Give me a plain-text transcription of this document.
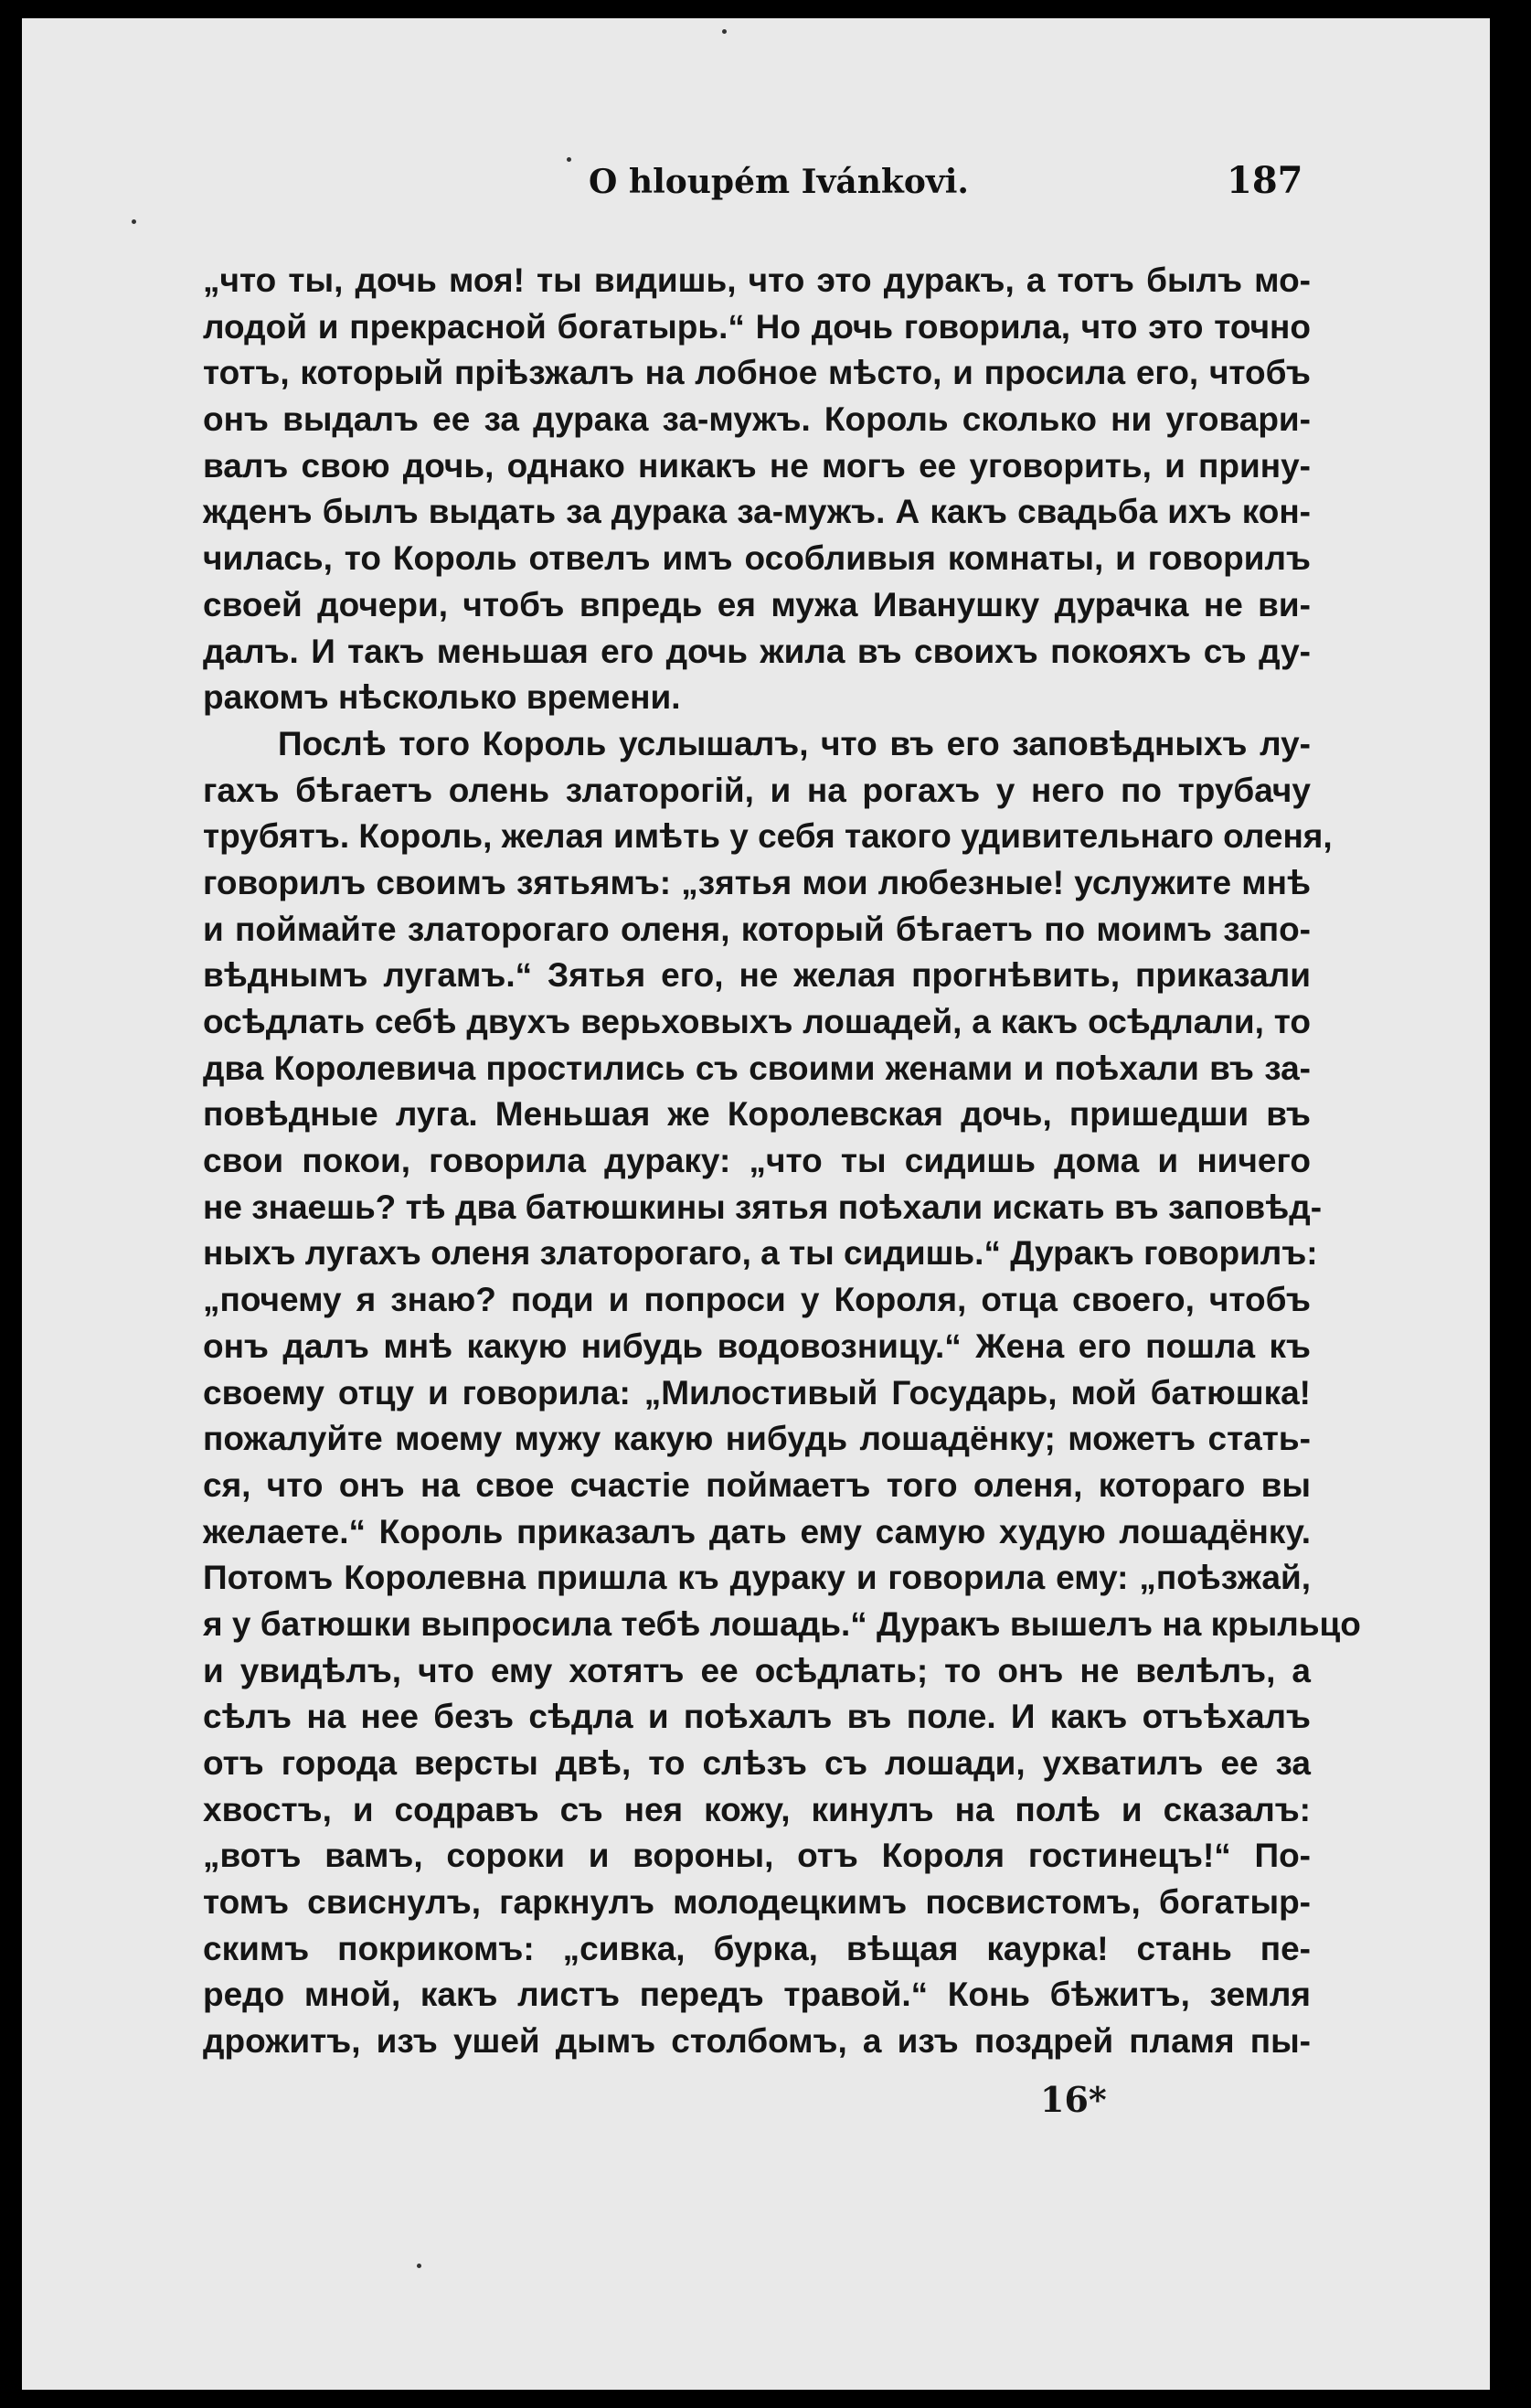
O hloupém Ivánkovi.	187
„что ты, дочь моя! ты видишь, что это дуракъ, а тотъ былъ мо-
лодой и прекрасной богатырь.“ Но дочь говорила, что это точно
тотъ, который прiѣзжалъ на лобное мѣсто, и просила его, чтобъ
онъ выдалъ ее за дурака за-мужъ. Король сколько ни уговари-
валъ свою дочь, однако никакъ не могъ ее уговорить, и прину-
жденъ былъ выдать за дурака за-мужъ. А какъ свадьба ихъ кон-
чилась, то Король отвелъ имъ особливыя комнаты, и говорилъ
своей дочери, чтобъ впредь ея мужа Иванушку дурачка не ви-
далъ. И такъ меньшая его дочь жила въ своихъ покояхъ съ ду-
ракомъ нѣсколько времени.
Послѣ того Король услышалъ, что въ его заповѣдныхъ лу-
гахъ бѣгаетъ олень златорогiй, и на рогахъ у него по трубачу
трубятъ. Король, желая имѣть у себя такого удивительнаго оленя,
говорилъ своимъ зятьямъ: „зятья мои любезные! услужите мнѣ
и поймайте златорогаго оленя, который бѣгаетъ по моимъ запо-
вѣднымъ лугамъ.“ Зятья его, не желая прогнѣвить, приказали
осѣдлать себѣ двухъ верьховыхъ лошадей, а какъ осѣдлали, то
два Королевича простились съ своими женами и поѣхали въ за-
повѣдные луга. Меньшая же Королевская дочь, пришедши въ
свои покои, говорила дураку: „что ты сидишь дома и ничего
не знаешь? тѣ два батюшкины зятья поѣхали искать въ заповѣд-
ныхъ лугахъ оленя златорогаго, а ты сидишь.“ Дуракъ говорилъ:
„почему я знаю? поди и попроси у Короля, отца своего, чтобъ
онъ далъ мнѣ какую нибудь водовозницу.“ Жена его пошла къ
своему отцу и говорила: „Милостивый Государь, мой батюшка!
пожалуйте моему мужу какую нибудь лошадёнку; можетъ стать-
ся, что онъ на свое счастiе поймаетъ того оленя, котораго вы
желаете.“ Король приказалъ дать ему самую худую лошадёнку.
Потомъ Королевна пришла къ дураку и говорила ему: „поѣзжай,
я у батюшки выпросила тебѣ лошадь.“ Дуракъ вышелъ на крыльцо
и увидѣлъ, что ему хотятъ ее осѣдлать; то онъ не велѣлъ, а
сѣлъ на нее безъ сѣдла и поѣхалъ въ поле. И какъ отъѣхалъ
отъ города версты двѣ, то слѣзъ съ лошади, ухватилъ ее за
хвостъ, и содравъ съ нея кожу, кинулъ на полѣ и сказалъ:
„вотъ вамъ, сороки и вороны, отъ Короля гостинецъ!“ По-
томъ свиснулъ, гаркнулъ молодецкимъ посвистомъ, богатыр-
скимъ покрикомъ: „сивка, бурка, вѣщая каурка! стань пе-
редо мной, какъ листъ передъ травой.“ Конь бѣжитъ, земля
дрожитъ, изъ ушей дымъ столбомъ, а изъ поздрей пламя пы-
16*
